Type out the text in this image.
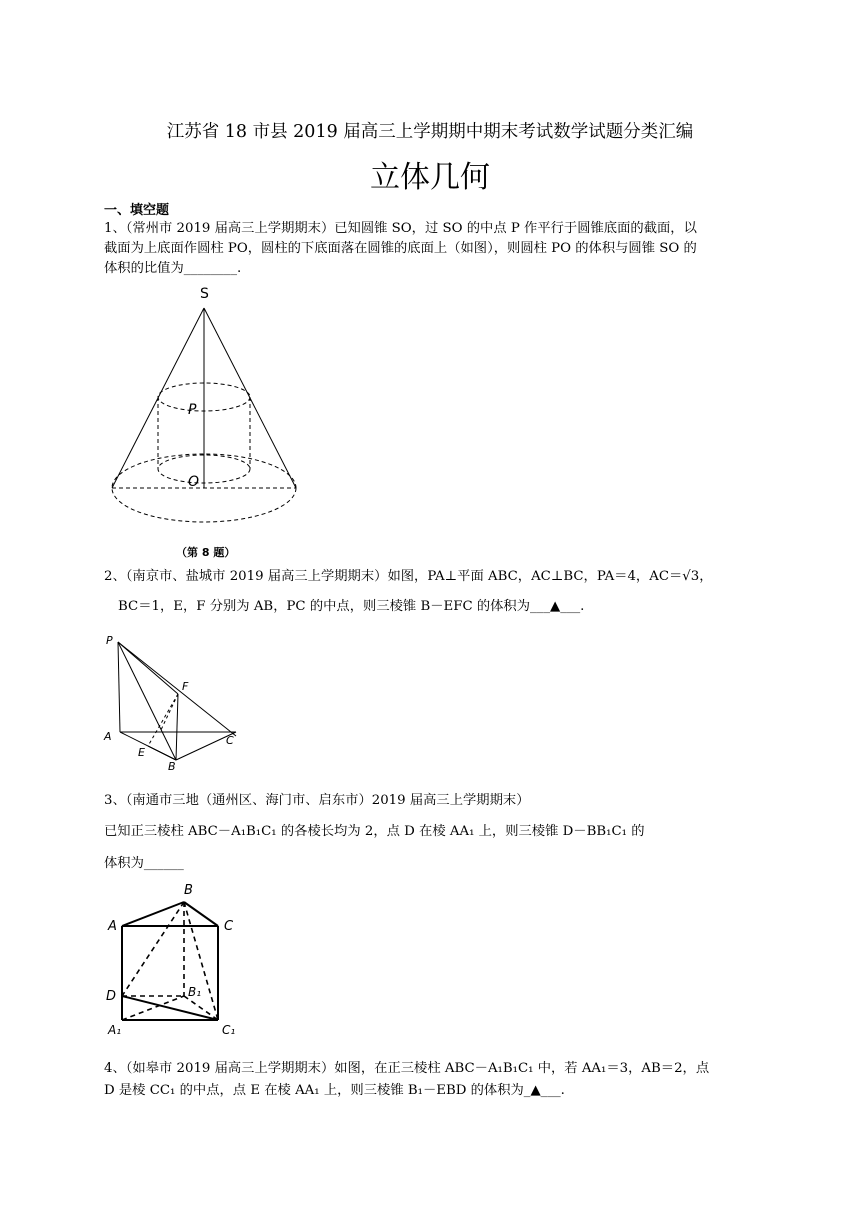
江苏省 18 市县 2019 届高三上学期期中期末考试数学试题分类汇编
立体几何
一、填空题
1、（常州市 2019 届高三上学期期末）已知圆锥 SO，过 SO 的中点 P 作平行于圆锥底面的截面，以
截面为上底面作圆柱 PO，圆柱的下底面落在圆锥的底面上（如图），则圆柱 PO 的体积与圆锥 SO 的
体积的比值为________.
S
P
O
（第 8 题）
2、（南京市、盐城市 2019 届高三上学期期末）如图，PA⊥平面 ABC，AC⊥BC，PA＝4，AC＝√3，
BC＝1，E，F 分别为 AB，PC 的中点，则三棱锥 B－EFC 的体积为___▲___.
P
F
A	C
E
B
3、（南通市三地（通州区、海门市、启东市）2019 届高三上学期期末）
已知正三棱柱 ABC－A₁B₁C₁ 的各棱长均为 2，点 D 在棱 AA₁ 上，则三棱锥 D－BB₁C₁ 的
体积为______
B
A	C
D	B₁
A₁	C₁
4、（如皋市 2019 届高三上学期期末）如图，在正三棱柱 ABC－A₁B₁C₁ 中，若 AA₁＝3，AB＝2，点
D 是棱 CC₁ 的中点，点 E 在棱 AA₁ 上，则三棱锥 B₁－EBD 的体积为_▲___.
